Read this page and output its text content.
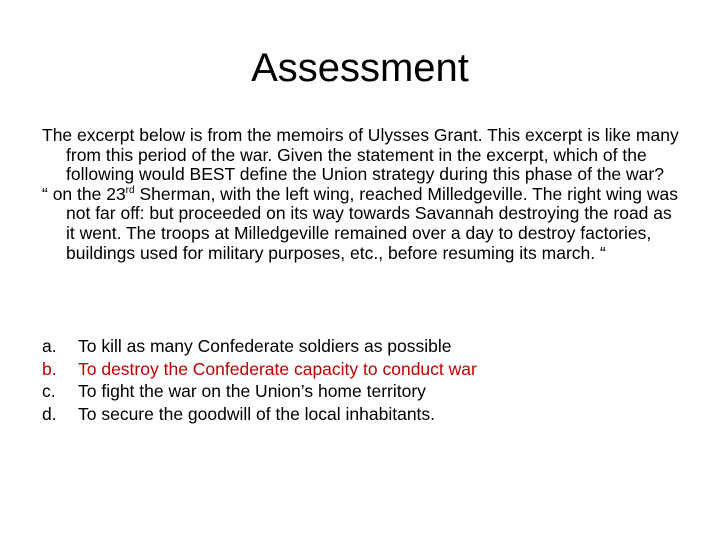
Assessment

The excerpt below is from the memoirs of Ulysses Grant. This excerpt is like many from this period of the war. Given the statement in the excerpt, which of the following would BEST define the Union strategy during this phase of the war?

“ on the 23rd Sherman, with the left wing, reached Milledgeville. The right wing was not far off: but proceeded on its way towards Savannah destroying the road as it went. The troops at Milledgeville remained over a day to destroy factories, buildings used for military purposes, etc., before resuming its march. “

a.	To kill as many Confederate soldiers as possible
b.	To destroy the Confederate capacity to conduct war
c.	To fight the war on the Union’s home territory
d.	To secure the goodwill of the local inhabitants.
